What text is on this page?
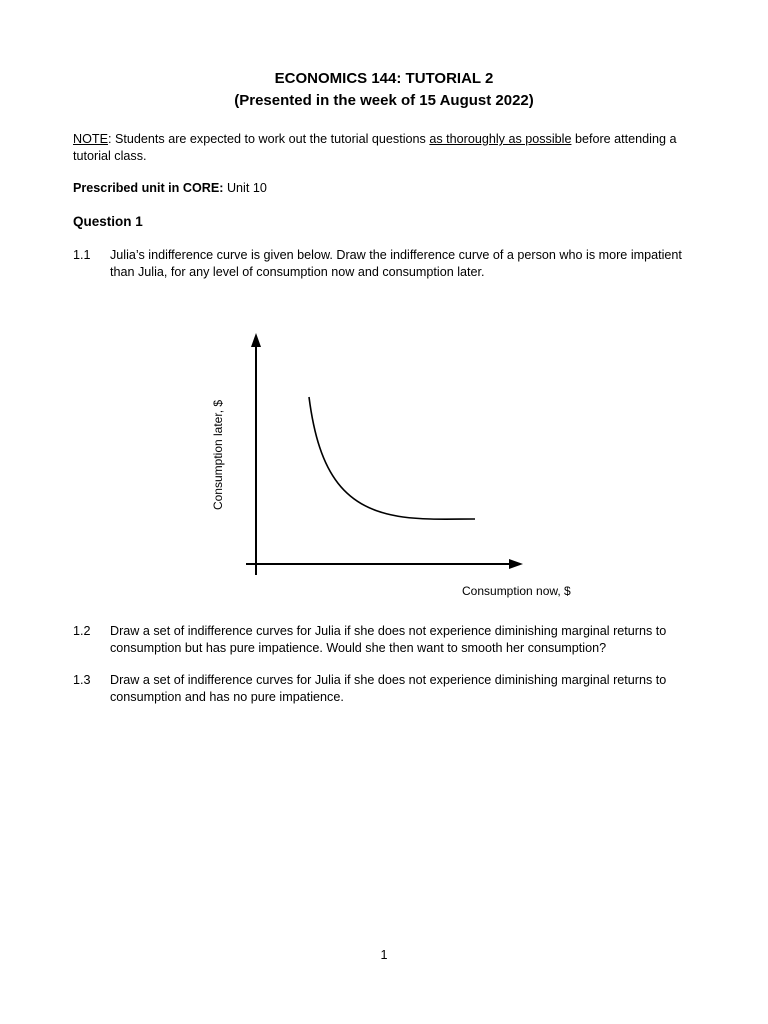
ECONOMICS 144: TUTORIAL 2
(Presented in the week of 15 August 2022)
NOTE: Students are expected to work out the tutorial questions as thoroughly as possible before attending a tutorial class.
Prescribed unit in CORE: Unit 10
Question 1
1.1	Julia’s indifference curve is given below. Draw the indifference curve of a person who is more impatient than Julia, for any level of consumption now and consumption later.
Consumption later, $
Consumption now, $
1.2	Draw a set of indifference curves for Julia if she does not experience diminishing marginal returns to consumption but has pure impatience. Would she then want to smooth her consumption?
1.3	Draw a set of indifference curves for Julia if she does not experience diminishing marginal returns to consumption and has no pure impatience.
1
